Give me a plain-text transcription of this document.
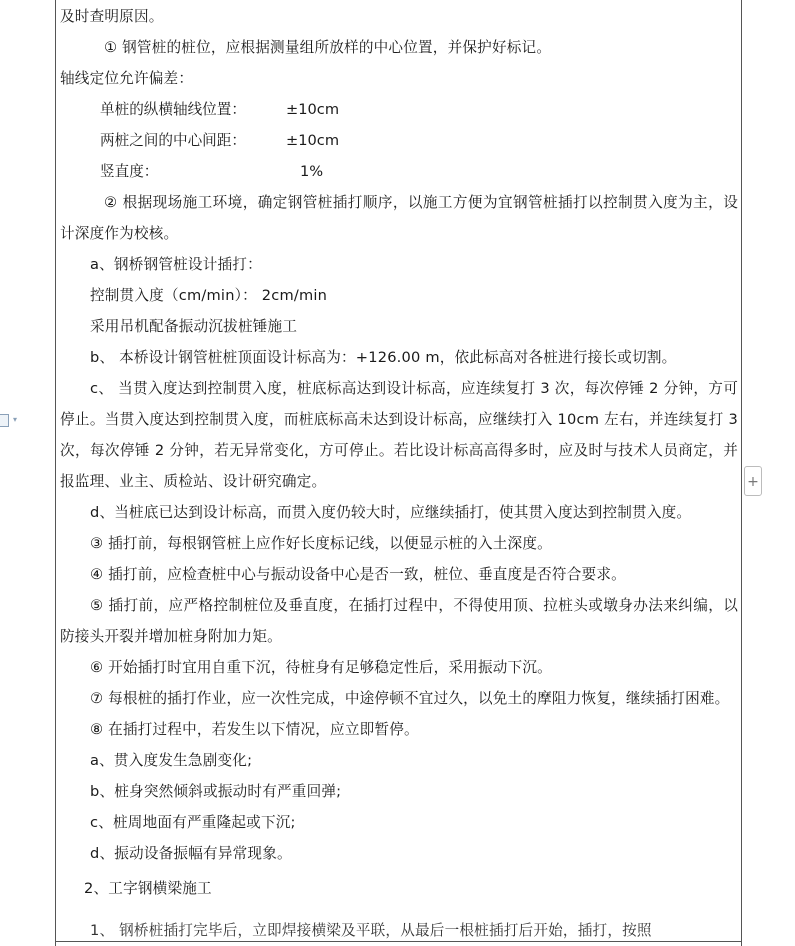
▾
+

及时查明原因。

① 钢管桩的桩位，应根据测量组所放样的中心位置，并保护好标记。

轴线定位允许偏差：

单桩的纵横轴线位置：	±10cm
两桩之间的中心间距：	±10cm
竖直度：	1%

② 根据现场施工环境，确定钢管桩插打顺序，以施工方便为宜钢管桩插打以控制贯入度为主，设计深度作为校核。

a、钢桥钢管桩设计插打：

控制贯入度（cm/min）： 2cm/min

采用吊机配备振动沉拔桩锤施工

b、 本桥设计钢管桩桩顶面设计标高为：+126.00 m，依此标高对各桩进行接长或切割。

c、 当贯入度达到控制贯入度，桩底标高达到设计标高，应连续复打 3 次，每次停锤 2 分钟，方可停止。当贯入度达到控制贯入度，而桩底标高未达到设计标高，应继续打入 10cm 左右，并连续复打 3 次，每次停锤 2 分钟，若无异常变化，方可停止。若比设计标高高得多时，应及时与技术人员商定，并报监理、业主、质检站、设计研究确定。

d、当桩底已达到设计标高，而贯入度仍较大时，应继续插打，使其贯入度达到控制贯入度。

③ 插打前，每根钢管桩上应作好长度标记线，以便显示桩的入土深度。

④ 插打前，应检查桩中心与振动设备中心是否一致，桩位、垂直度是否符合要求。

⑤ 插打前，应严格控制桩位及垂直度，在插打过程中，不得使用顶、拉桩头或墩身办法来纠编，以防接头开裂并增加桩身附加力矩。

⑥ 开始插打时宜用自重下沉，待桩身有足够稳定性后，采用振动下沉。

⑦ 每根桩的插打作业，应一次性完成，中途停顿不宜过久，以免土的摩阻力恢复，继续插打困难。

⑧ 在插打过程中，若发生以下情况，应立即暂停。

a、贯入度发生急剧变化;

b、桩身突然倾斜或振动时有严重回弹;

c、桩周地面有严重隆起或下沉;

d、振动设备振幅有异常现象。

2、工字钢横梁施工

1、 钢桥桩插打完毕后，立即焊接横梁及平联，从最后一根桩插打后开始，插打，按照
